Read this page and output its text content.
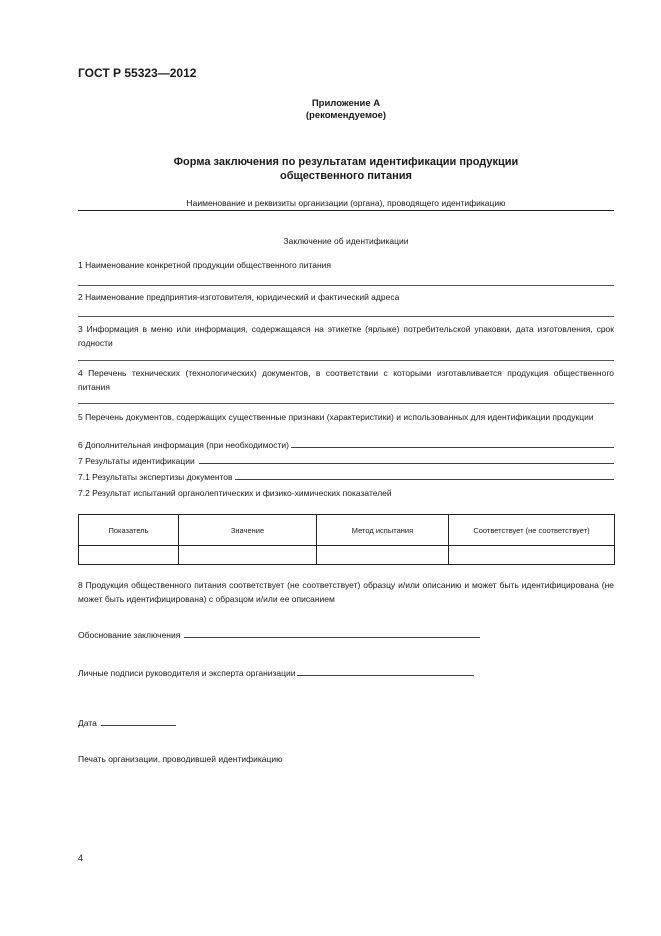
ГОСТ Р 55323—2012
Приложение А
(рекомендуемое)
Форма заключения по результатам идентификации продукции
общественного питания
Наименование и реквизиты организации (органа), проводящего идентификацию
Заключение об идентификации
1 Наименование конкретной продукции общественного питания
2 Наименование предприятия-изготовителя, юридический и фактический адреса
3 Информация в меню или информация, содержащаяся на этикетке (ярлыке) потребительской упаковки, дата изготовления, срок годности
4 Перечень технических (технологических) документов, в соответствии с которыми изготавливается продукция общественного питания
5 Перечень документов, содержащих существенные признаки (характеристики) и использованных для идентификации продукции
6 Дополнительная информация (при необходимости)
7 Результаты идентификации
7.1 Результаты экспертизы документов
7.2 Результат испытаний органолептических и физико-химических показателей
Показатель	Значение	Метод испытания	Соответствует (не соответствует)

8 Продукция общественного питания соответствует (не соответствует) образцу и/или описанию и может быть идентифицирована (не может быть идентифицирована) с образцом и/или ее описанием
Обоснование заключения
Личные подписи руководителя и эксперта организации
Дата
Печать организации, проводившей идентификацию
4
